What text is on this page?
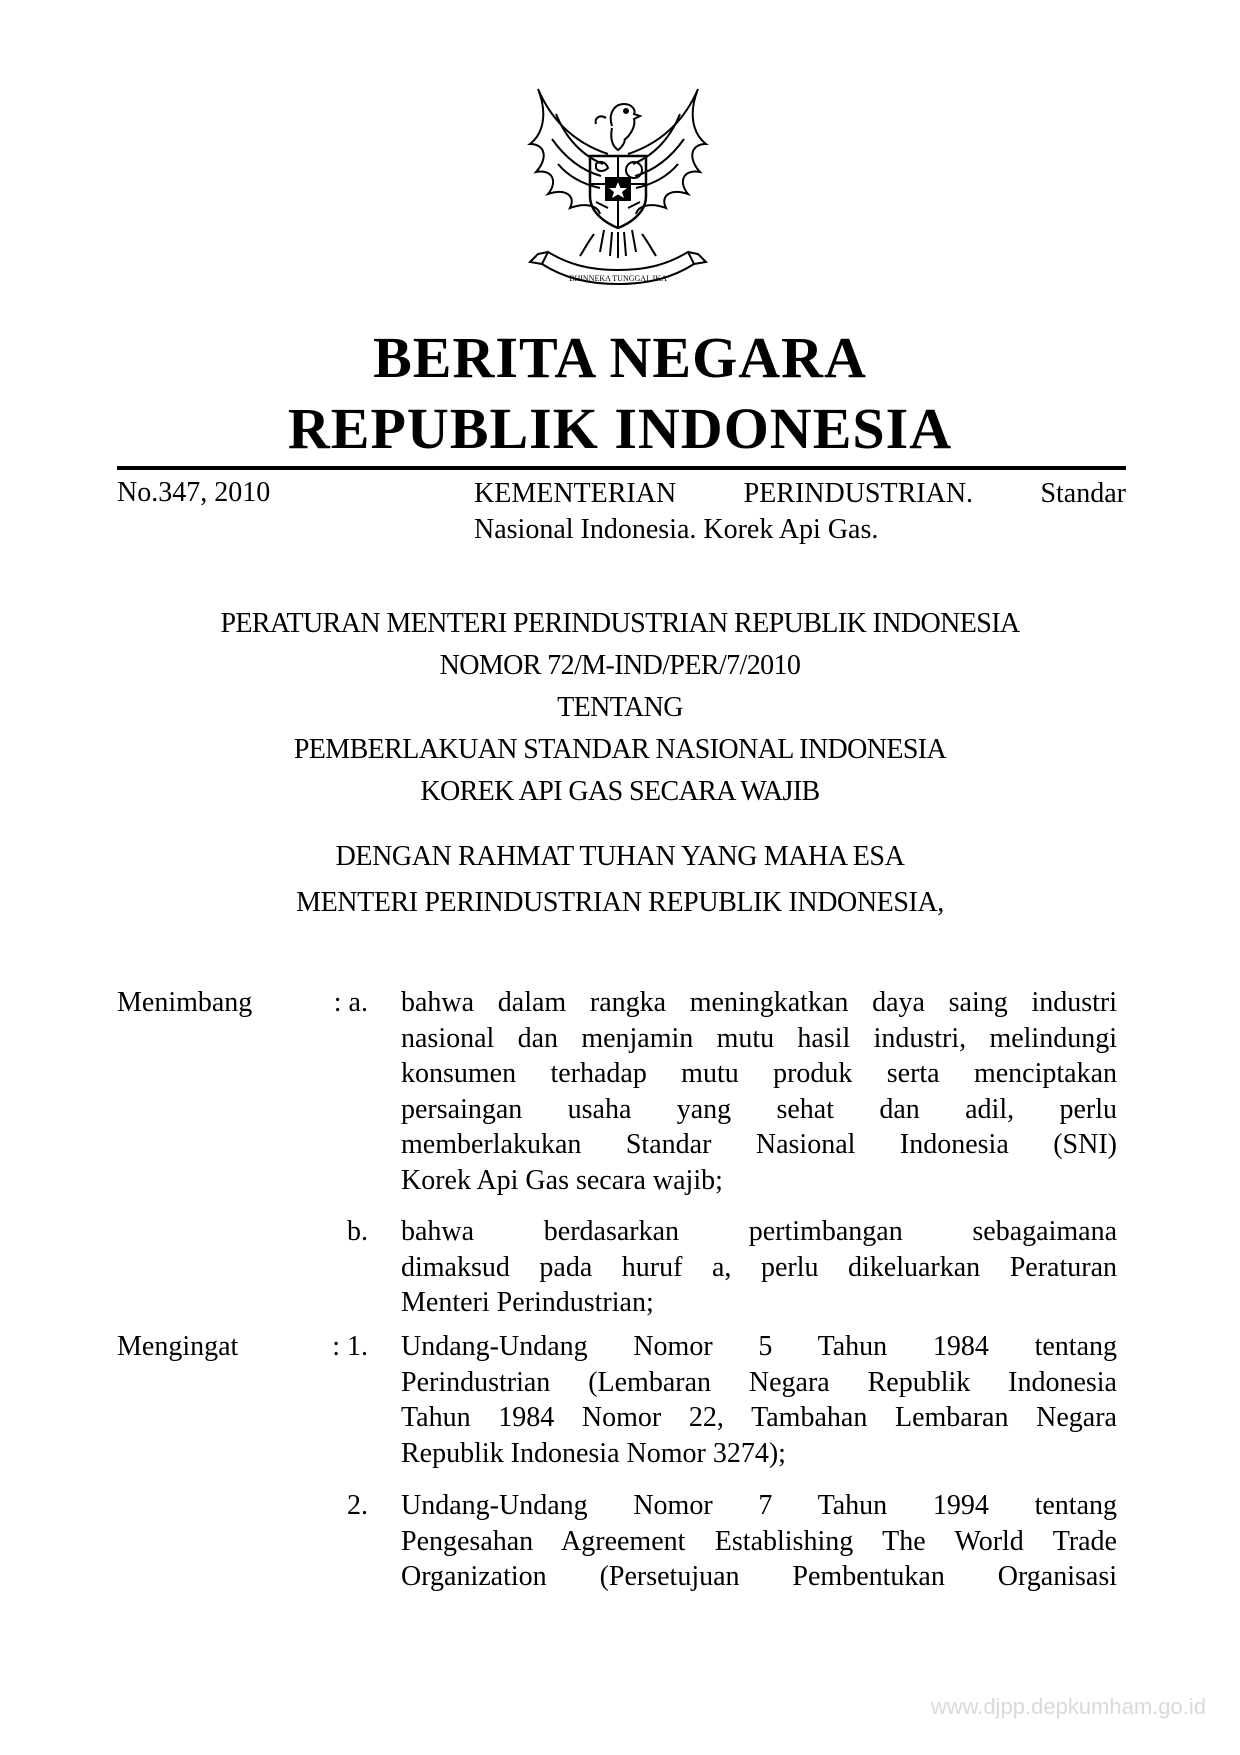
BHINNEKA TUNGGAL IKA
BERITA NEGARA
REPUBLIK INDONESIA
No.347, 2010	KEMENTERIAN PERINDUSTRIAN. Standar
Nasional Indonesia. Korek Api Gas.
PERATURAN MENTERI PERINDUSTRIAN REPUBLIK INDONESIA
NOMOR 72/M-IND/PER/7/2010
TENTANG
PEMBERLAKUAN STANDAR NASIONAL INDONESIA
KOREK API GAS SECARA WAJIB
DENGAN RAHMAT TUHAN YANG MAHA ESA
MENTERI PERINDUSTRIAN REPUBLIK INDONESIA,
Menimbang	: a. bahwa dalam rangka meningkatkan daya saing industri
nasional dan menjamin mutu hasil industri, melindungi
konsumen terhadap mutu produk serta menciptakan
persaingan usaha yang sehat dan adil, perlu
memberlakukan Standar Nasional Indonesia (SNI)
Korek Api Gas secara wajib;
b. bahwa berdasarkan pertimbangan sebagaimana
dimaksud pada huruf a, perlu dikeluarkan Peraturan
Menteri Perindustrian;
Mengingat	: 1. Undang-Undang Nomor 5 Tahun 1984 tentang
Perindustrian (Lembaran Negara Republik Indonesia
Tahun 1984 Nomor 22, Tambahan Lembaran Negara
Republik Indonesia Nomor 3274);
2. Undang-Undang Nomor 7 Tahun 1994 tentang
Pengesahan Agreement Establishing The World Trade
Organization (Persetujuan Pembentukan Organisasi
www.djpp.depkumham.go.id
